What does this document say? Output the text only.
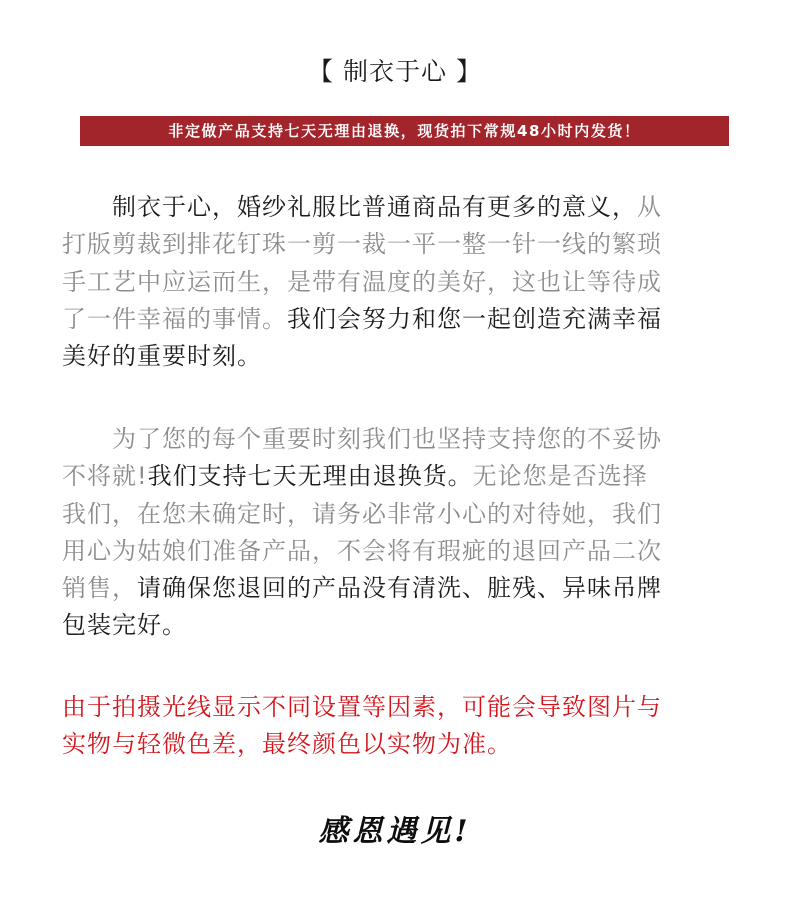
【 制衣于心 】
非定做产品支持七天无理由退换，现货拍下常规48小时内发货！
制衣于心，婚纱礼服比普通商品有更多的意义，从
打版剪裁到排花钉珠一剪一裁一平一整一针一线的繁琐
手工艺中应运而生，是带有温度的美好，这也让等待成
了一件幸福的事情。我们会努力和您一起创造充满幸福
美好的重要时刻。
为了您的每个重要时刻我们也坚持支持您的不妥协
不将就!我们支持七天无理由退换货。无论您是否选择
我们，在您未确定时，请务必非常小心的对待她，我们
用心为姑娘们准备产品，不会将有瑕疵的退回产品二次
销售，请确保您退回的产品没有清洗、脏残、异味吊牌
包装完好。
由于拍摄光线显示不同设置等因素，可能会导致图片与
实物与轻微色差，最终颜色以实物为准。
感恩遇见!
